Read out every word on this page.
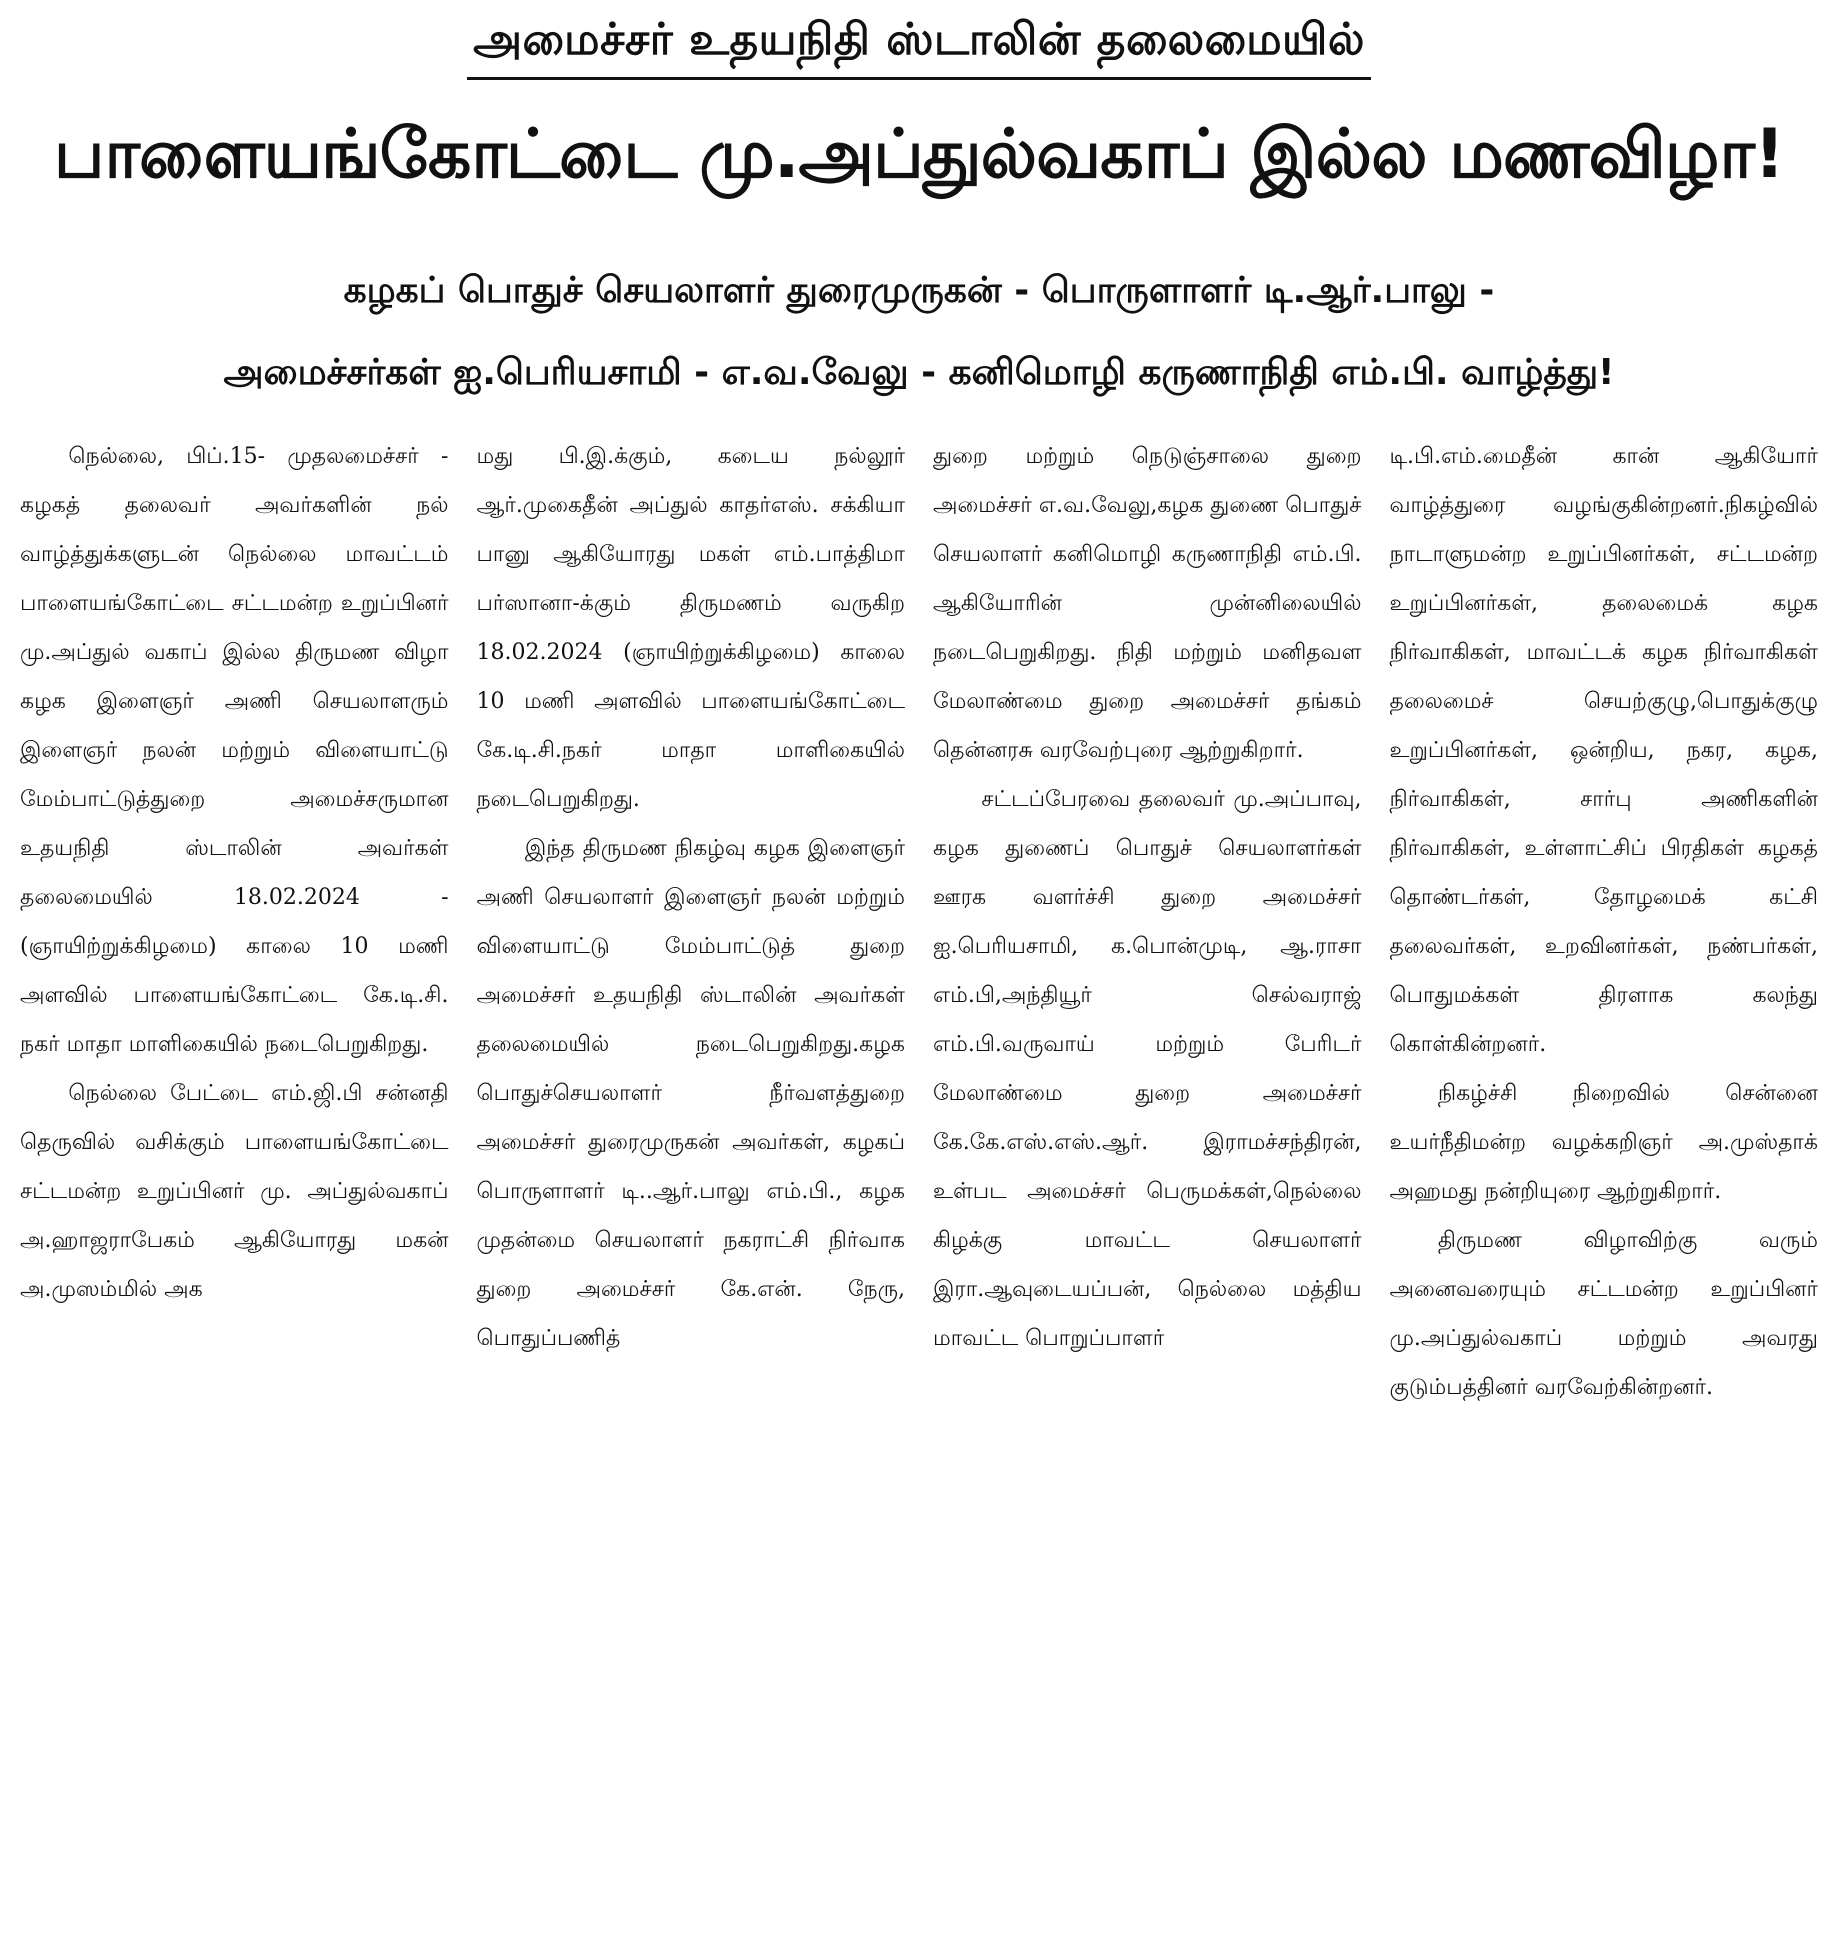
அமைச்சர் உதயநிதி ஸ்டாலின் தலைமையில்
பாளையங்கோட்டை மு.அப்துல்வகாப் இல்ல மணவிழா!
கழகப் பொதுச் செயலாளர் துரைமுருகன் - பொருளாளர் டி.ஆர்.பாலு -
அமைச்சர்கள் ஐ.பெரியசாமி - எ.வ.வேலு - கனிமொழி கருணாநிதி எம்.பி. வாழ்த்து!

நெல்லை, பிப்.15- முதலமைச்சர் - கழகத் தலைவர் அவர்களின் நல் வாழ்த்துக்களுடன் நெல்லை மாவட்டம் பாளையங்கோட்டை சட்டமன்ற உறுப்பினர் மு.அப்துல் வகாப் இல்ல திருமண விழா கழக இளைஞர் அணி செயலாளரும் இளைஞர் நலன் மற்றும் விளையாட்டு மேம்பாட்டுத்துறை அமைச்சருமான உதயநிதி ஸ்டாலின் அவர்கள் தலைமையில் 18.02.2024 -(ஞாயிற்றுக்கிழமை) காலை 10 மணி அளவில் பாளையங்கோட்டை கே.டி.சி. நகர் மாதா மாளிகையில் நடைபெறுகிறது.

நெல்லை பேட்டை எம்.ஜி.பி சன்னதி தெருவில் வசிக்கும் பாளையங்கோட்டை சட்டமன்ற உறுப்பினர் மு. அப்துல்வகாப் அ.ஹாஜராபேகம் ஆகியோரது மகன் அ.முஸம்மில் அக

மது பி.இ.க்கும், கடைய நல்லூர் ஆர்.முகைதீன் அப்துல் காதர்எஸ். சக்கியா பானு ஆகியோரது மகள் எம்.பாத்திமா பர்ஸானா-க்கும் திருமணம் வருகிற 18.02.2024 (ஞாயிற்றுக்கிழமை) காலை 10 மணி அளவில் பாளையங்கோட்டை கே.டி.சி.நகர் மாதா மாளிகையில் நடைபெறுகிறது.

இந்த திருமண நிகழ்வு கழக இளைஞர் அணி செயலாளர் இளைஞர் நலன் மற்றும் விளையாட்டு மேம்பாட்டுத் துறை அமைச்சர் உதயநிதி ஸ்டாலின் அவர்கள் தலைமையில் நடைபெறுகிறது.கழக பொதுச்செயலாளர் நீர்வளத்துறை அமைச்சர் துரைமுருகன் அவர்கள், கழகப் பொருளாளர் டி..ஆர்.பாலு எம்.பி., கழக முதன்மை செயலாளர் நகராட்சி நிர்வாக துறை அமைச்சர் கே.என். நேரு, பொதுப்பணித்

துறை மற்றும் நெடுஞ்சாலை துறை அமைச்சர் எ.வ.வேலு,கழக துணை பொதுச் செயலாளர் கனிமொழி கருணாநிதி எம்.பி. ஆகியோரின் முன்னிலையில் நடைபெறுகிறது. நிதி மற்றும் மனிதவள மேலாண்மை துறை அமைச்சர் தங்கம் தென்னரசு வரவேற்புரை ஆற்றுகிறார்.

சட்டப்பேரவை தலைவர் மு.அப்பாவு, கழக துணைப் பொதுச் செயலாளர்கள் ஊரக வளர்ச்சி துறை அமைச்சர் ஐ.பெரியசாமி, க.பொன்முடி, ஆ.ராசா எம்.பி,அந்தியூர் செல்வராஜ் எம்.பி.வருவாய் மற்றும் பேரிடர் மேலாண்மை துறை அமைச்சர் கே.கே.எஸ்.எஸ்.ஆர். இராமச்சந்திரன், உள்பட அமைச்சர் பெருமக்கள்,நெல்லை கிழக்கு மாவட்ட செயலாளர் இரா.ஆவுடையப்பன், நெல்லை மத்திய மாவட்ட பொறுப்பாளர்

டி.பி.எம்.மைதீன் கான் ஆகியோர் வாழ்த்துரை வழங்குகின்றனர்.நிகழ்வில் நாடாளுமன்ற உறுப்பினர்கள், சட்டமன்ற உறுப்பினர்கள், தலைமைக் கழக நிர்வாகிகள், மாவட்டக் கழக நிர்வாகிகள் தலைமைச் செயற்குழு,பொதுக்குழு உறுப்பினர்கள், ஒன்றிய, நகர, கழக, நிர்வாகிகள், சார்பு அணிகளின் நிர்வாகிகள், உள்ளாட்சிப் பிரதிகள் கழகத் தொண்டர்கள், தோழமைக் கட்சி தலைவர்கள், உறவினர்கள், நண்பர்கள், பொதுமக்கள் திரளாக கலந்து கொள்கின்றனர்.

நிகழ்ச்சி நிறைவில் சென்னை உயர்நீதிமன்ற வழக்கறிஞர் அ.முஸ்தாக் அஹமது நன்றியுரை ஆற்றுகிறார்.

திருமண விழாவிற்கு வரும் அனைவரையும் சட்டமன்ற உறுப்பினர் மு.அப்துல்வகாப் மற்றும் அவரது குடும்பத்தினர் வரவேற்கின்றனர்.
